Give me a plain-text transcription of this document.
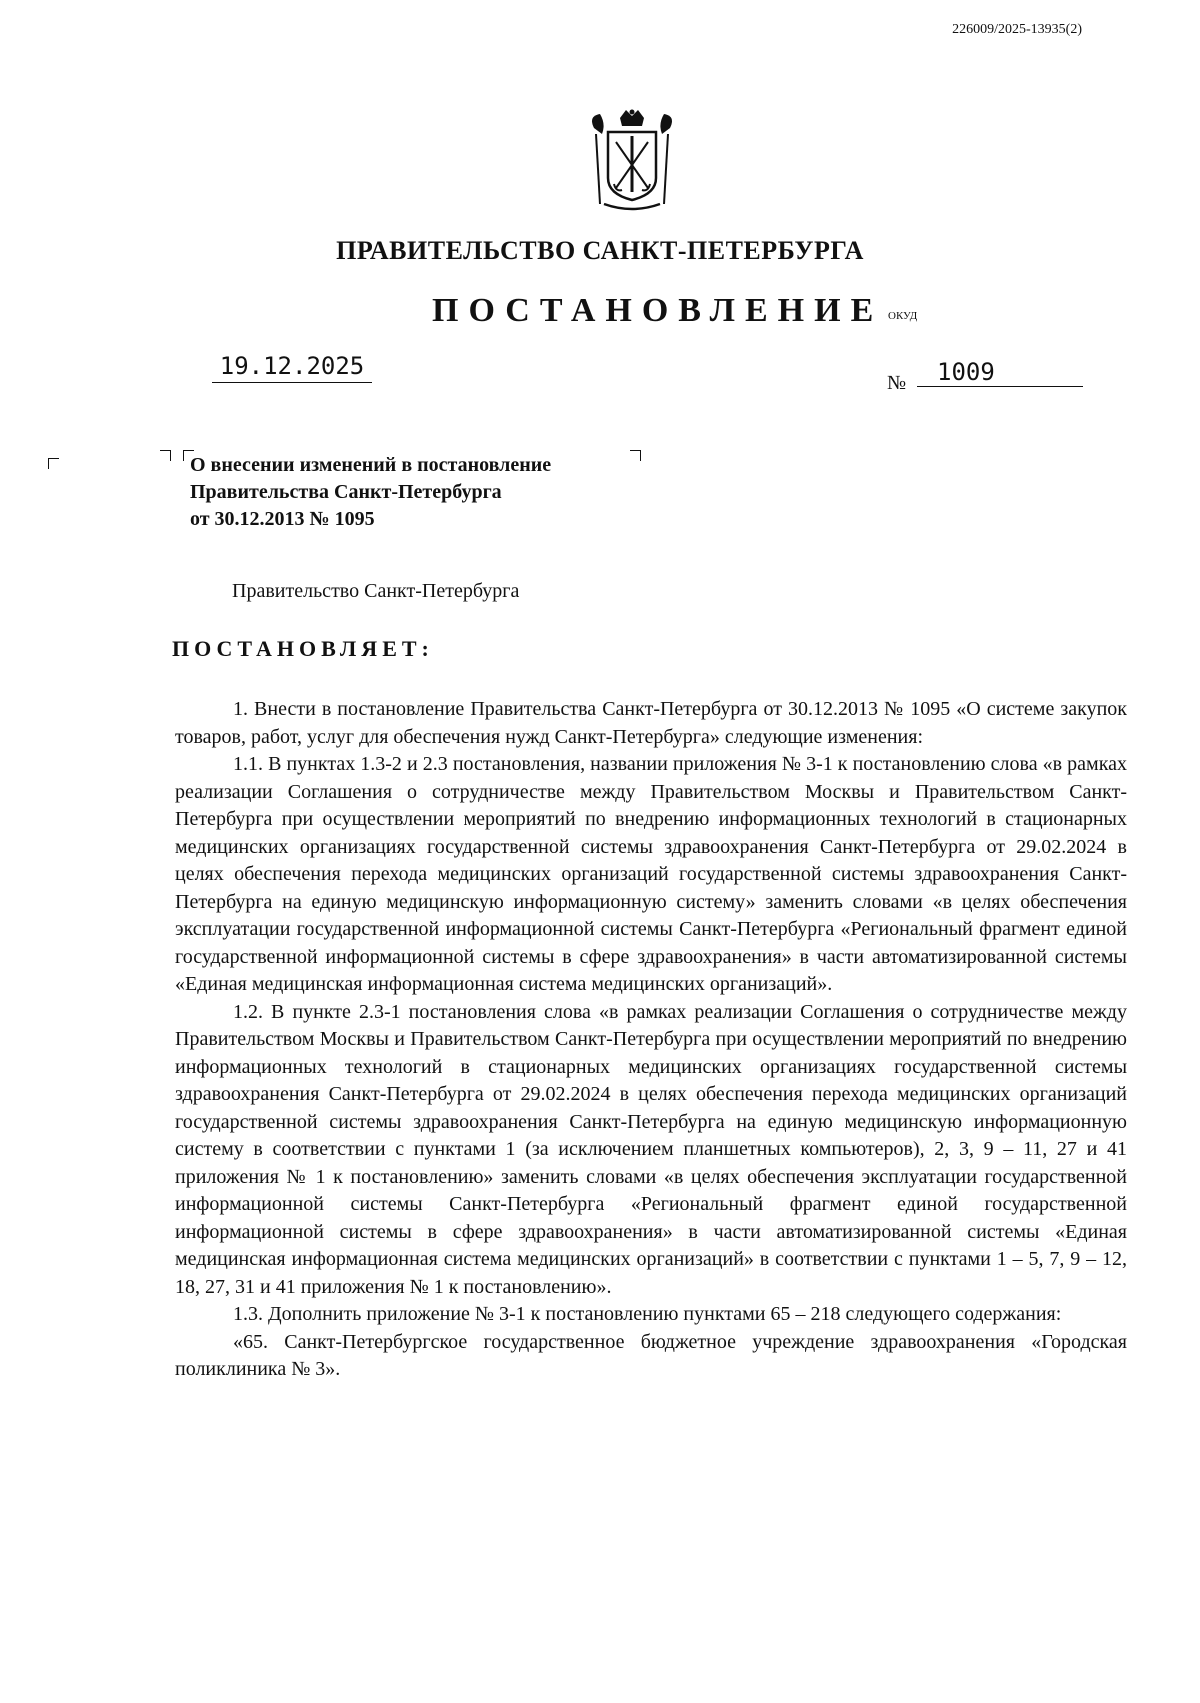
226009/2025-13935(2)
ПРАВИТЕЛЬСТВО САНКТ-ПЕТЕРБУРГА
ПОСТАНОВЛЕНИЕ ОКУД
19.12.2025
№	1009
О внесении изменений в постановление
Правительства Санкт-Петербурга
от 30.12.2013 № 1095
Правительство Санкт-Петербурга
ПОСТАНОВЛЯЕТ:

1. Внести в постановление Правительства Санкт-Петербурга от 30.12.2013 № 1095 «О системе закупок товаров, работ, услуг для обеспечения нужд Санкт-Петербурга» следующие изменения:

1.1. В пунктах 1.3-2 и 2.3 постановления, названии приложения № 3-1 к постановлению слова «в рамках реализации Соглашения о сотрудничестве между Правительством Москвы и Правительством Санкт-Петербурга при осуществлении мероприятий по внедрению информационных технологий в стационарных медицинских организациях государственной системы здравоохранения Санкт-Петербурга от 29.02.2024 в целях обеспечения перехода медицинских организаций государственной системы здравоохранения Санкт-Петербурга на единую медицинскую информационную систему» заменить словами «в целях обеспечения эксплуатации государственной информационной системы Санкт-Петербурга «Региональный фрагмент единой государственной информационной системы в сфере здравоохранения» в части автоматизированной системы «Единая медицинская информационная система медицинских организаций».

1.2. В пункте 2.3-1 постановления слова «в рамках реализации Соглашения о сотрудничестве между Правительством Москвы и Правительством Санкт-Петербурга при осуществлении мероприятий по внедрению информационных технологий в стационарных медицинских организациях государственной системы здравоохранения Санкт-Петербурга от 29.02.2024 в целях обеспечения перехода медицинских организаций государственной системы здравоохранения Санкт-Петербурга на единую медицинскую информационную систему в соответствии с пунктами 1 (за исключением планшетных компьютеров), 2, 3, 9 – 11, 27 и 41 приложения № 1 к постановлению» заменить словами «в целях обеспечения эксплуатации государственной информационной системы Санкт-Петербурга «Региональный фрагмент единой государственной информационной системы в сфере здравоохранения» в части автоматизированной системы «Единая медицинская информационная система медицинских организаций» в соответствии с пунктами 1 – 5, 7, 9 – 12, 18, 27, 31 и 41 приложения № 1 к постановлению».

1.3. Дополнить приложение № 3-1 к постановлению пунктами 65 – 218 следующего содержания:

«65. Санкт-Петербургское государственное бюджетное учреждение здравоохранения «Городская поликлиника № 3».
